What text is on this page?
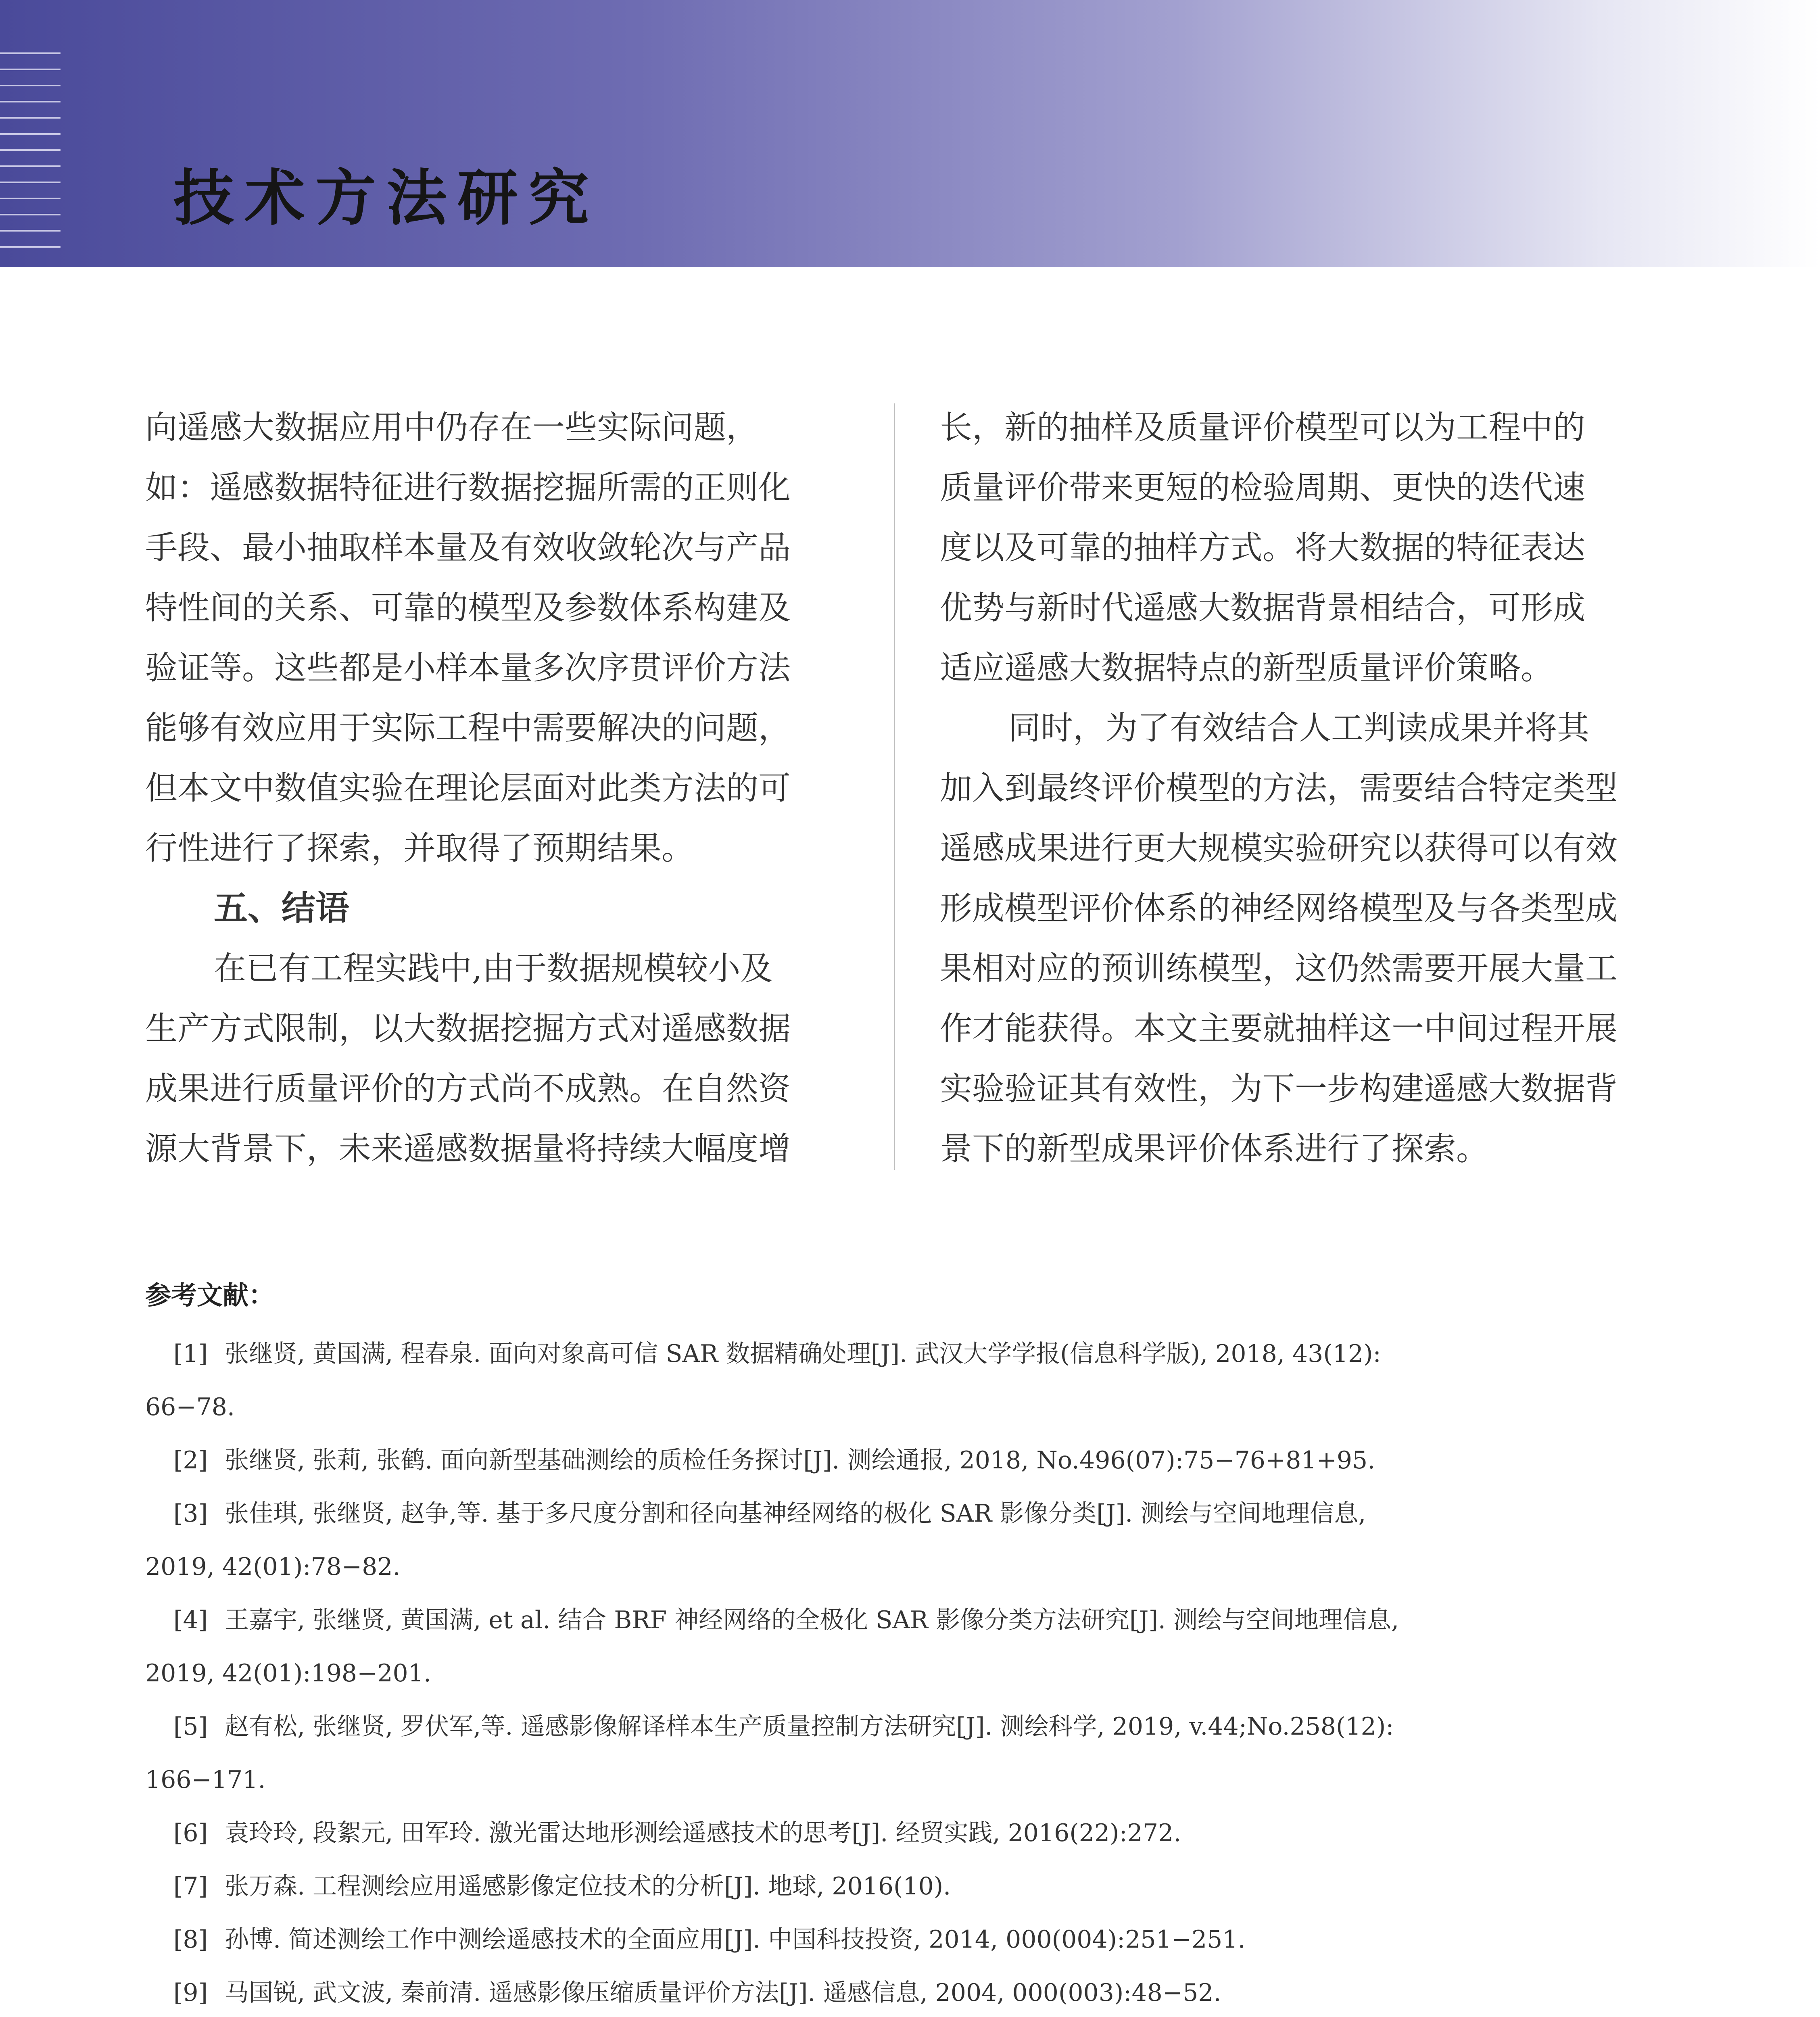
技术方法研究

向遥感大数据应用中仍存在一些实际问题，

如：遥感数据特征进行数据挖掘所需的正则化

手段、最小抽取样本量及有效收敛轮次与产品

特性间的关系、可靠的模型及参数体系构建及

验证等。这些都是小样本量多次序贯评价方法

能够有效应用于实际工程中需要解决的问题，

但本文中数值实验在理论层面对此类方法的可

行性进行了探索，并取得了预期结果。

五、结语

在已有工程实践中,由于数据规模较小及

生产方式限制，以大数据挖掘方式对遥感数据

成果进行质量评价的方式尚不成熟。在自然资

源大背景下，未来遥感数据量将持续大幅度增

长，新的抽样及质量评价模型可以为工程中的

质量评价带来更短的检验周期、更快的迭代速

度以及可靠的抽样方式。将大数据的特征表达

优势与新时代遥感大数据背景相结合，可形成

适应遥感大数据特点的新型质量评价策略。

同时，为了有效结合人工判读成果并将其

加入到最终评价模型的方法，需要结合特定类型

遥感成果进行更大规模实验研究以获得可以有效

形成模型评价体系的神经网络模型及与各类型成

果相对应的预训练模型，这仍然需要开展大量工

作才能获得。本文主要就抽样这一中间过程开展

实验验证其有效性，为下一步构建遥感大数据背

景下的新型成果评价体系进行了探索。

参考文献：
[1] 张继贤, 黄国满, 程春泉. 面向对象高可信 SAR 数据精确处理[J]. 武汉大学学报(信息科学版), 2018, 43(12):
66−78.
[2] 张继贤, 张莉, 张鹤. 面向新型基础测绘的质检任务探讨[J]. 测绘通报, 2018, No.496(07):75−76+81+95.
[3] 张佳琪, 张继贤, 赵争,等. 基于多尺度分割和径向基神经网络的极化 SAR 影像分类[J]. 测绘与空间地理信息,
2019, 42(01):78−82.
[4] 王嘉宇, 张继贤, 黄国满, et al. 结合 BRF 神经网络的全极化 SAR 影像分类方法研究[J]. 测绘与空间地理信息,
2019, 42(01):198−201.
[5] 赵有松, 张继贤, 罗伏军,等. 遥感影像解译样本生产质量控制方法研究[J]. 测绘科学, 2019, v.44;No.258(12):
166−171.
[6] 袁玲玲, 段絮元, 田军玲. 激光雷达地形测绘遥感技术的思考[J]. 经贸实践, 2016(22):272.
[7] 张万森. 工程测绘应用遥感影像定位技术的分析[J]. 地球, 2016(10).
[8] 孙博. 简述测绘工作中测绘遥感技术的全面应用[J]. 中国科技投资, 2014, 000(004):251−251.
[9] 马国锐, 武文波, 秦前清. 遥感影像压缩质量评价方法[J]. 遥感信息, 2004, 000(003):48−52.
